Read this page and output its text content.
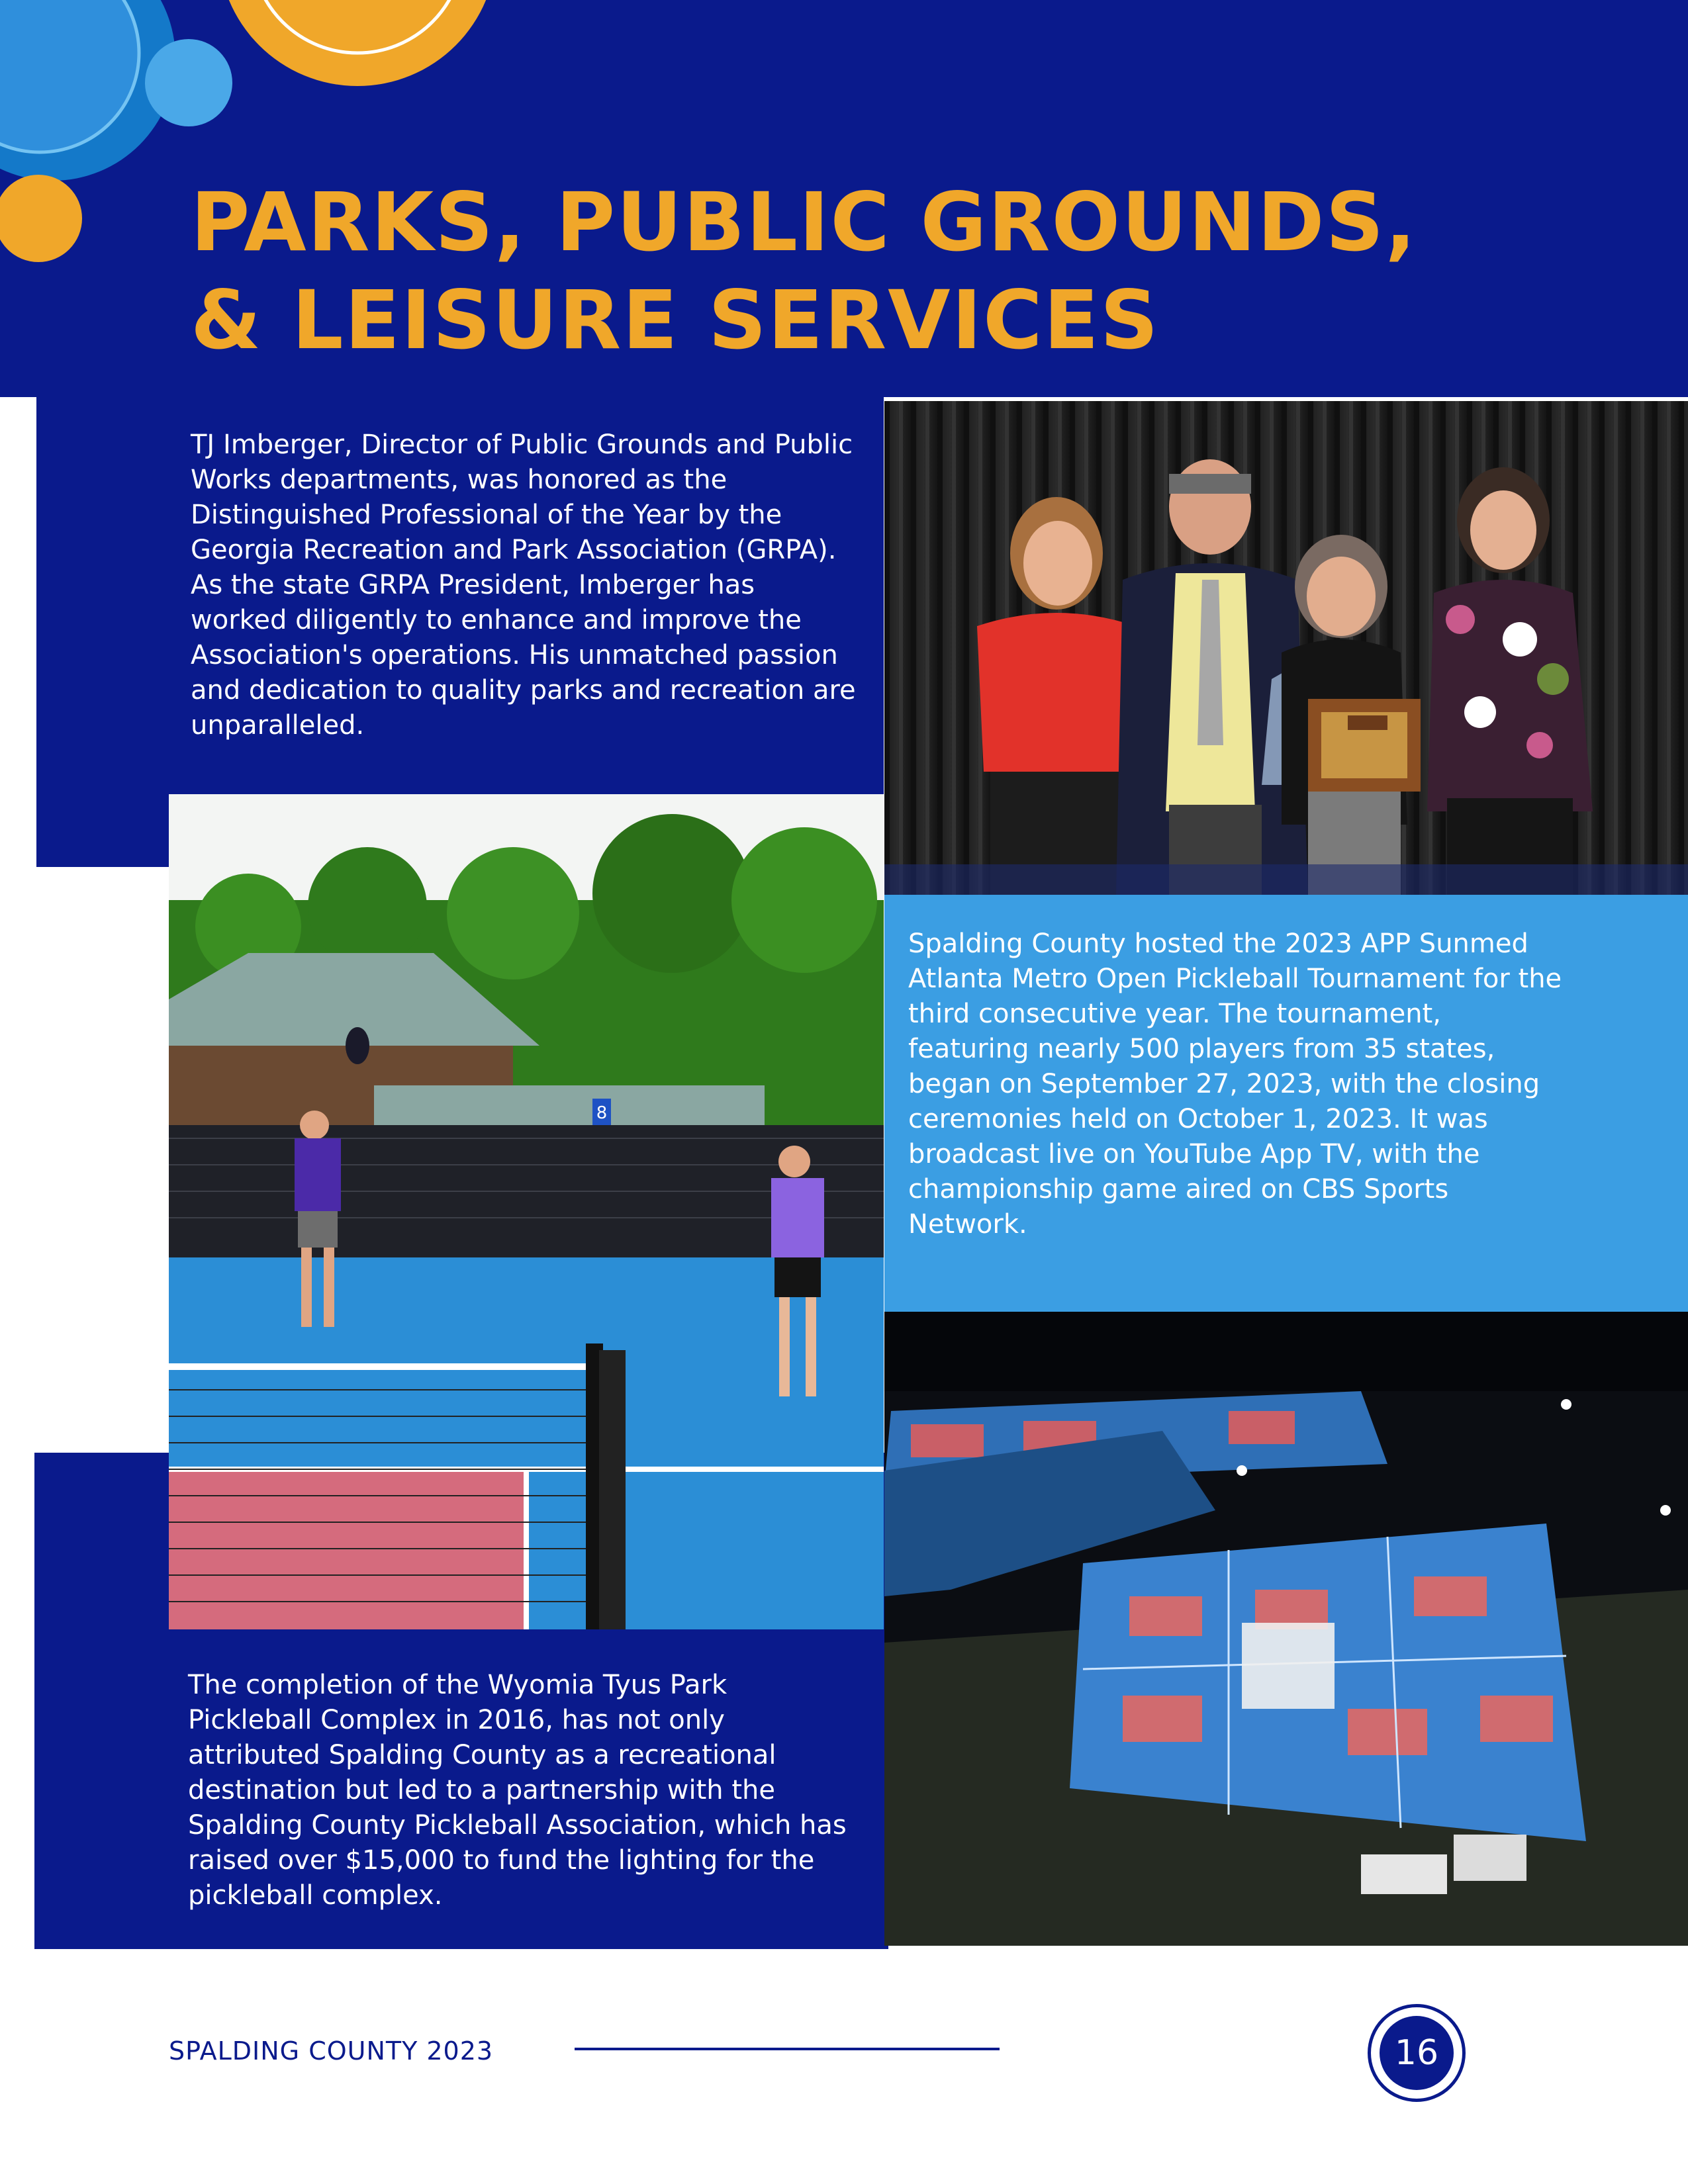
PARKS, PUBLIC GROUNDS,
& LEISURE SERVICES
TJ Imberger, Director of Public Grounds and Public Works departments, was honored as the Distinguished Professional of the Year by the Georgia Recreation and Park Association (GRPA). As the state GRPA President, Imberger has worked diligently to enhance and improve the Association's operations. His unmatched passion and dedication to quality parks and recreation are unparalleled.
Spalding County hosted the 2023 APP Sunmed Atlanta Metro Open Pickleball Tournament for the third consecutive year. The tournament, featuring nearly 500 players from 35 states, began on September 27, 2023, with the closing ceremonies held on October 1, 2023. It was broadcast live on YouTube App TV, with the championship game aired on CBS Sports Network.
The completion of the Wyomia Tyus Park Pickleball Complex in 2016, has not only attributed Spalding County as a recreational destination but led to a partnership with the Spalding County Pickleball Association, which has raised over $15,000 to fund the lighting for the pickleball complex.
8
SPALDING COUNTY 2023	16
